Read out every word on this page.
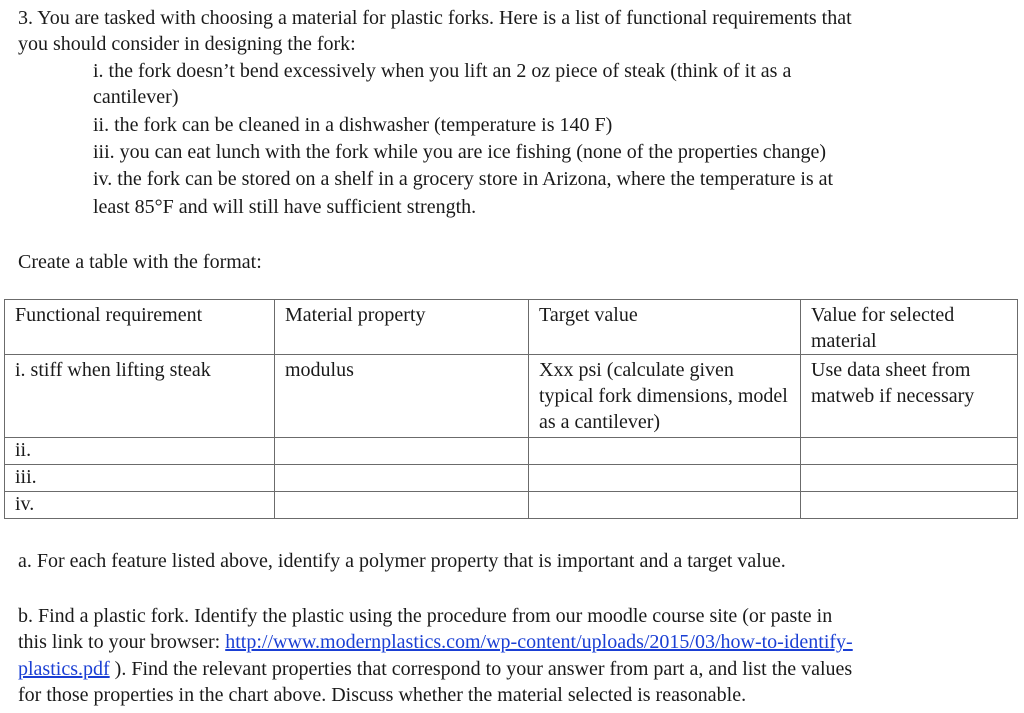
3. You are tasked with choosing a material for plastic forks. Here is a list of functional requirements that
you should consider in designing the fork:
i. the fork doesn’t bend excessively when you lift an 2 oz piece of steak (think of it as a
cantilever)
ii. the fork can be cleaned in a dishwasher (temperature is 140 F)
iii. you can eat lunch with the fork while you are ice fishing (none of the properties change)
iv. the fork can be stored on a shelf in a grocery store in Arizona, where the temperature is at
least 85°F and will still have sufficient strength.
Create a table with the format:
Functional requirement	Material property	Target value	Value for selected material
i. stiff when lifting steak	modulus	Xxx psi (calculate given typical fork dimensions, model as a cantilever)	Use data sheet from matweb if necessary
ii.			
iii.			
iv.			
a. For each feature listed above, identify a polymer property that is important and a target value.
b. Find a plastic fork. Identify the plastic using the procedure from our moodle course site (or paste in
this link to your browser: http://www.modernplastics.com/wp-content/uploads/2015/03/how-to-identify-
plastics.pdf ). Find the relevant properties that correspond to your answer from part a, and list the values
for those properties in the chart above. Discuss whether the material selected is reasonable.
